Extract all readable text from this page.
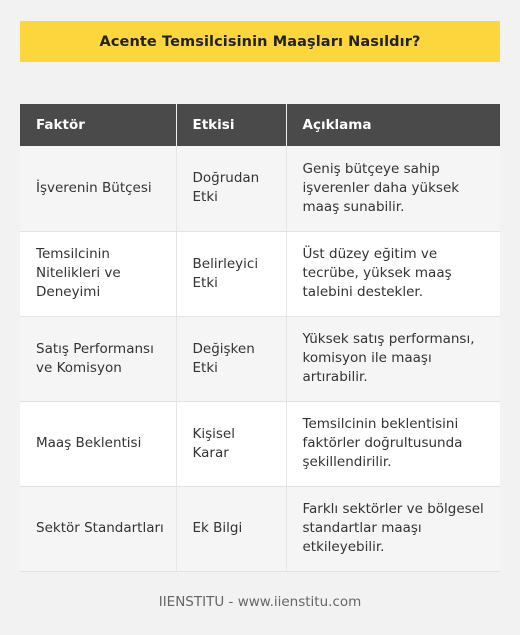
Acente Temsilcisinin Maaşları Nasıldır?
Faktör	Etkisi	Açıklama
İşverenin Bütçesi	Doğrudan Etki	Geniş bütçeye sahip işverenler daha yüksek maaş sunabilir.
Temsilcinin Nitelikleri ve Deneyimi	Belirleyici Etki	Üst düzey eğitim ve tecrübe, yüksek maaş talebini destekler.
Satış Performansı ve Komisyon	Değişken Etki	Yüksek satış performansı, komisyon ile maaşı artırabilir.
Maaş Beklentisi	Kişisel Karar	Temsilcinin beklentisini faktörler doğrultusunda şekillendirilir.
Sektör Standartları	Ek Bilgi	Farklı sektörler ve bölgesel standartlar maaşı etkileyebilir.
IIENSTITU - www.iienstitu.com
